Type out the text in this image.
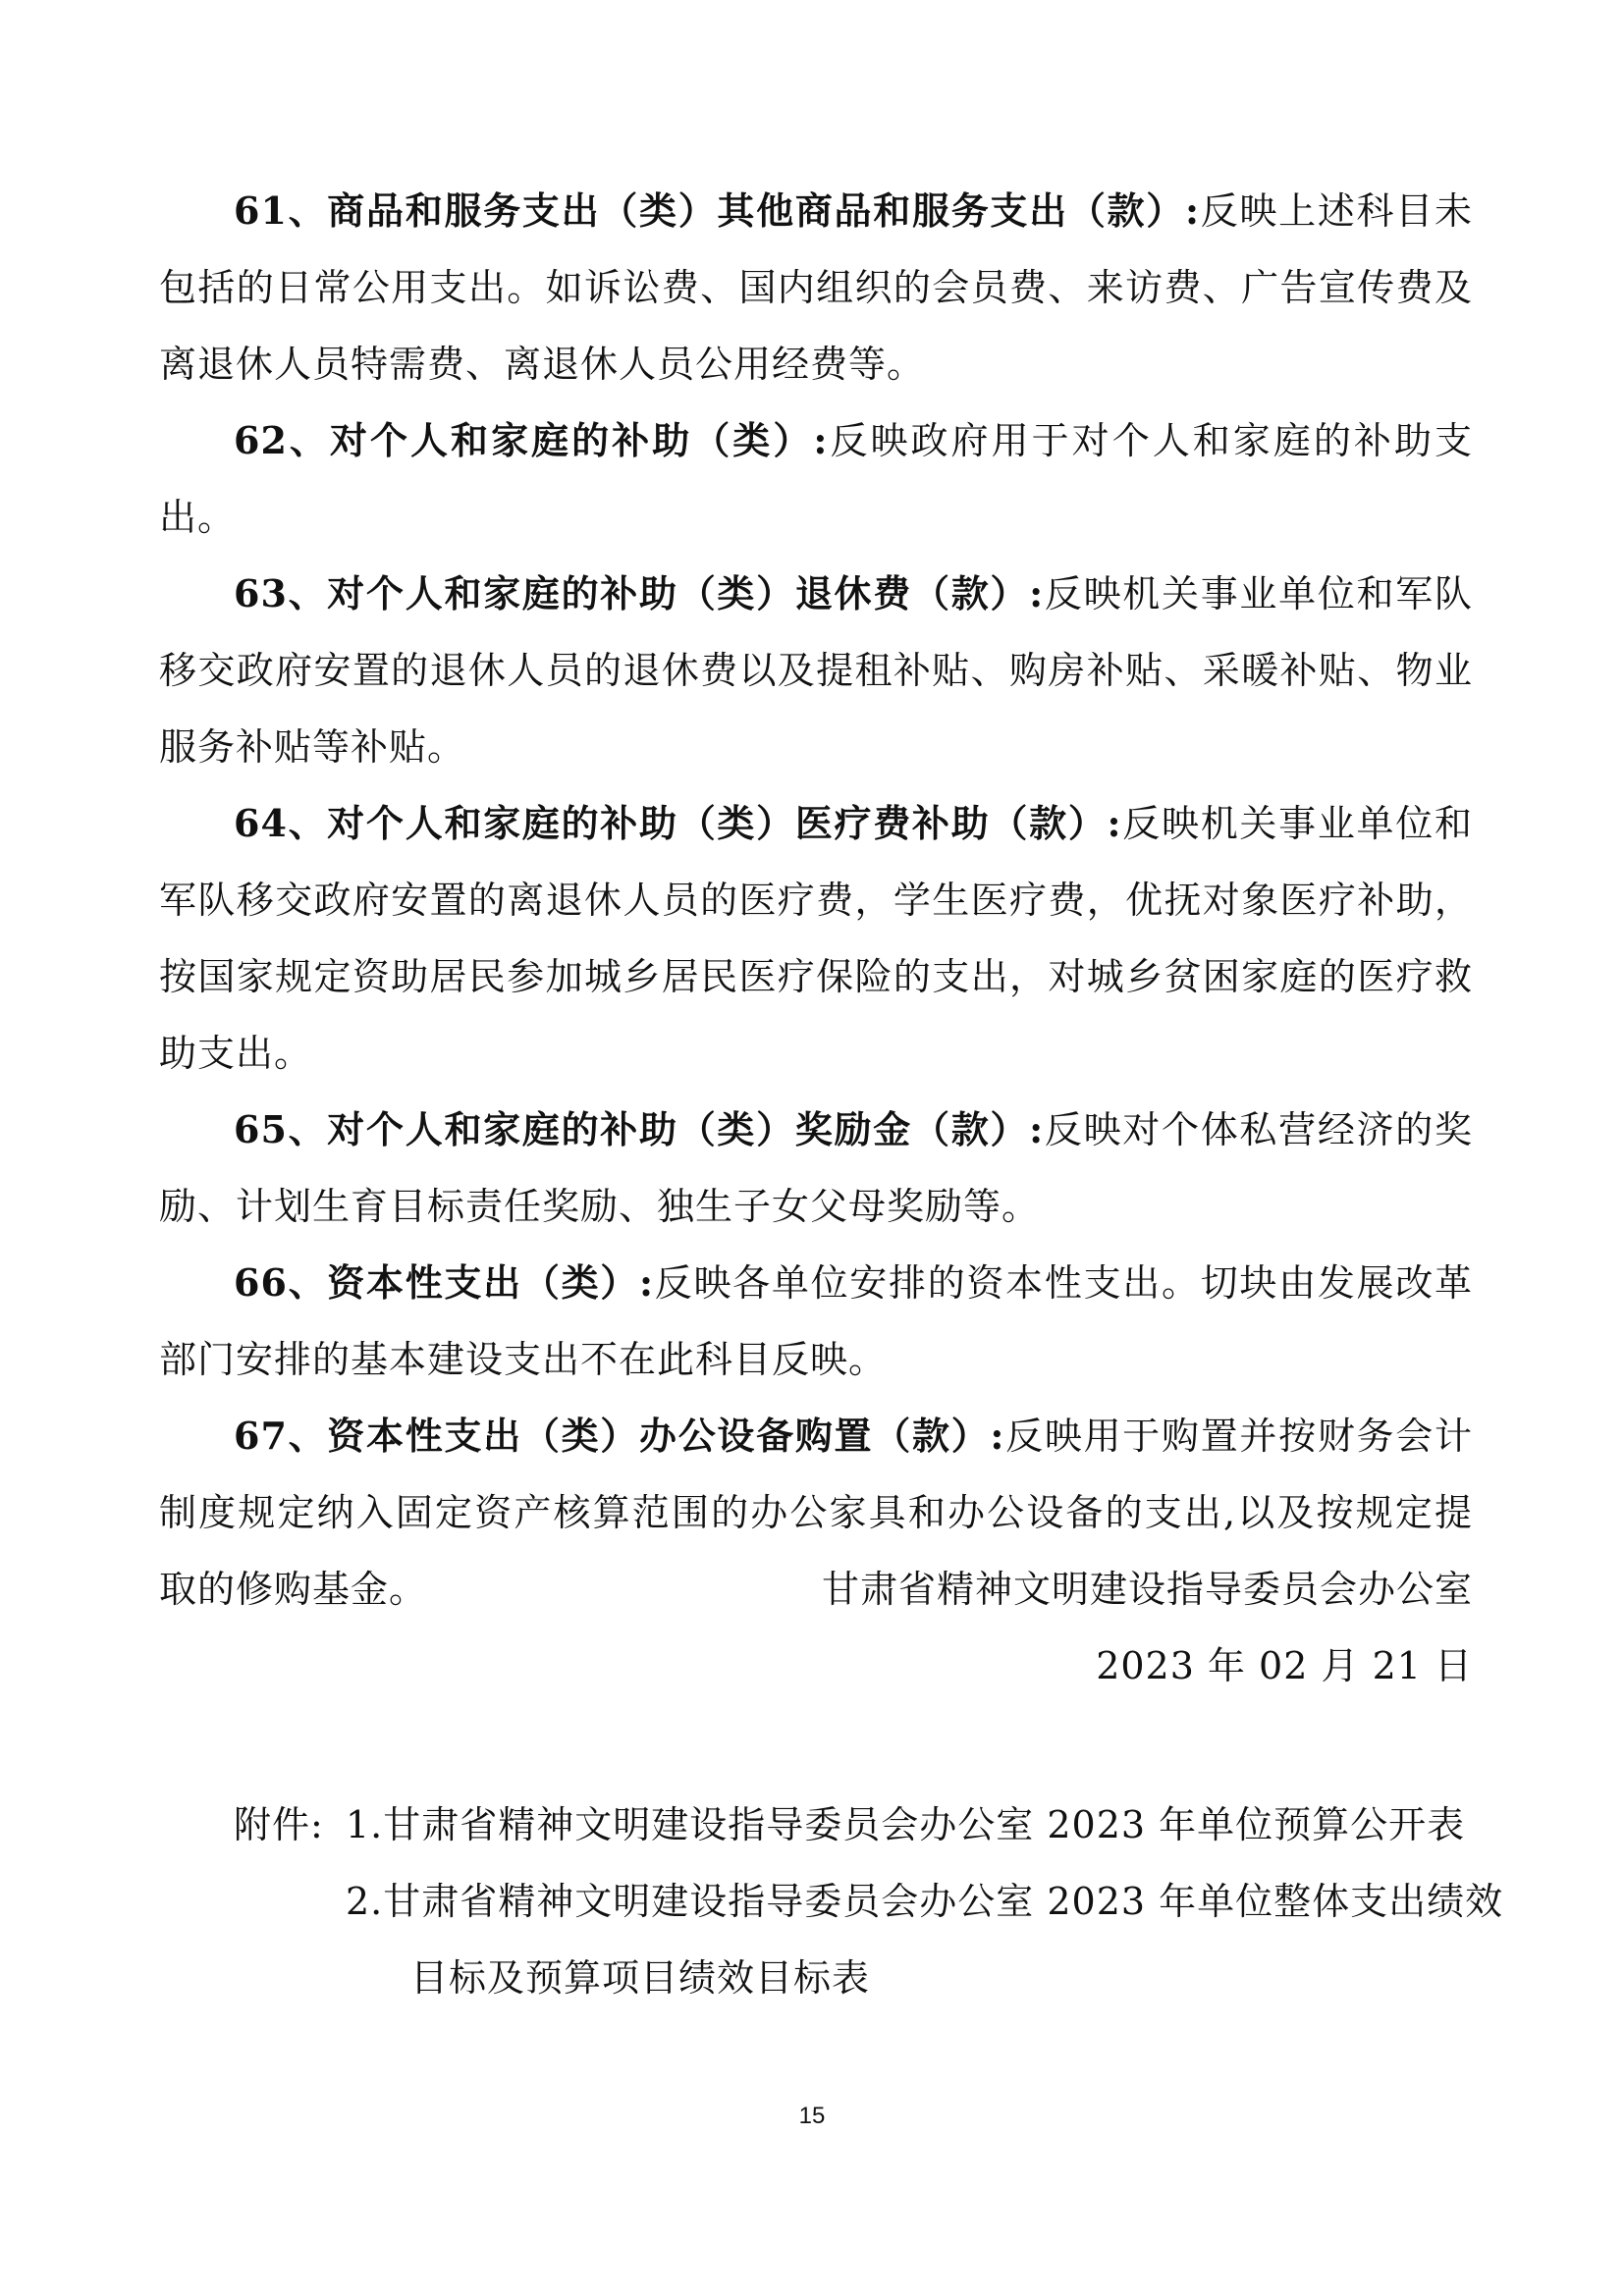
61、商品和服务支出（类）其他商品和服务支出（款）:反映上述科目未包括的日常公用支出。如诉讼费、国内组织的会员费、来访费、广告宣传费及离退休人员特需费、离退休人员公用经费等。

62、对个人和家庭的补助（类）:反映政府用于对个人和家庭的补助支出。

63、对个人和家庭的补助（类）退休费（款）:反映机关事业单位和军队移交政府安置的退休人员的退休费以及提租补贴、购房补贴、采暖补贴、物业服务补贴等补贴。

64、对个人和家庭的补助（类）医疗费补助（款）:反映机关事业单位和军队移交政府安置的离退休人员的医疗费，学生医疗费，优抚对象医疗补助，按国家规定资助居民参加城乡居民医疗保险的支出，对城乡贫困家庭的医疗救助支出。

65、对个人和家庭的补助（类）奖励金（款）:反映对个体私营经济的奖励、计划生育目标责任奖励、独生子女父母奖励等。

66、资本性支出（类）:反映各单位安排的资本性支出。切块由发展改革部门安排的基本建设支出不在此科目反映。

67、资本性支出（类）办公设备购置（款）:反映用于购置并按财务会计制度规定纳入固定资产核算范围的办公家具和办公设备的支出,以及按规定提取的修购基金。	甘肃省精神文明建设指导委员会办公室
2023 年 02 月 21 日
附件: 1.甘肃省精神文明建设指导委员会办公室 2023 年单位预算公开表
2.甘肃省精神文明建设指导委员会办公室 2023 年单位整体支出绩效
目标及预算项目绩效目标表
15
